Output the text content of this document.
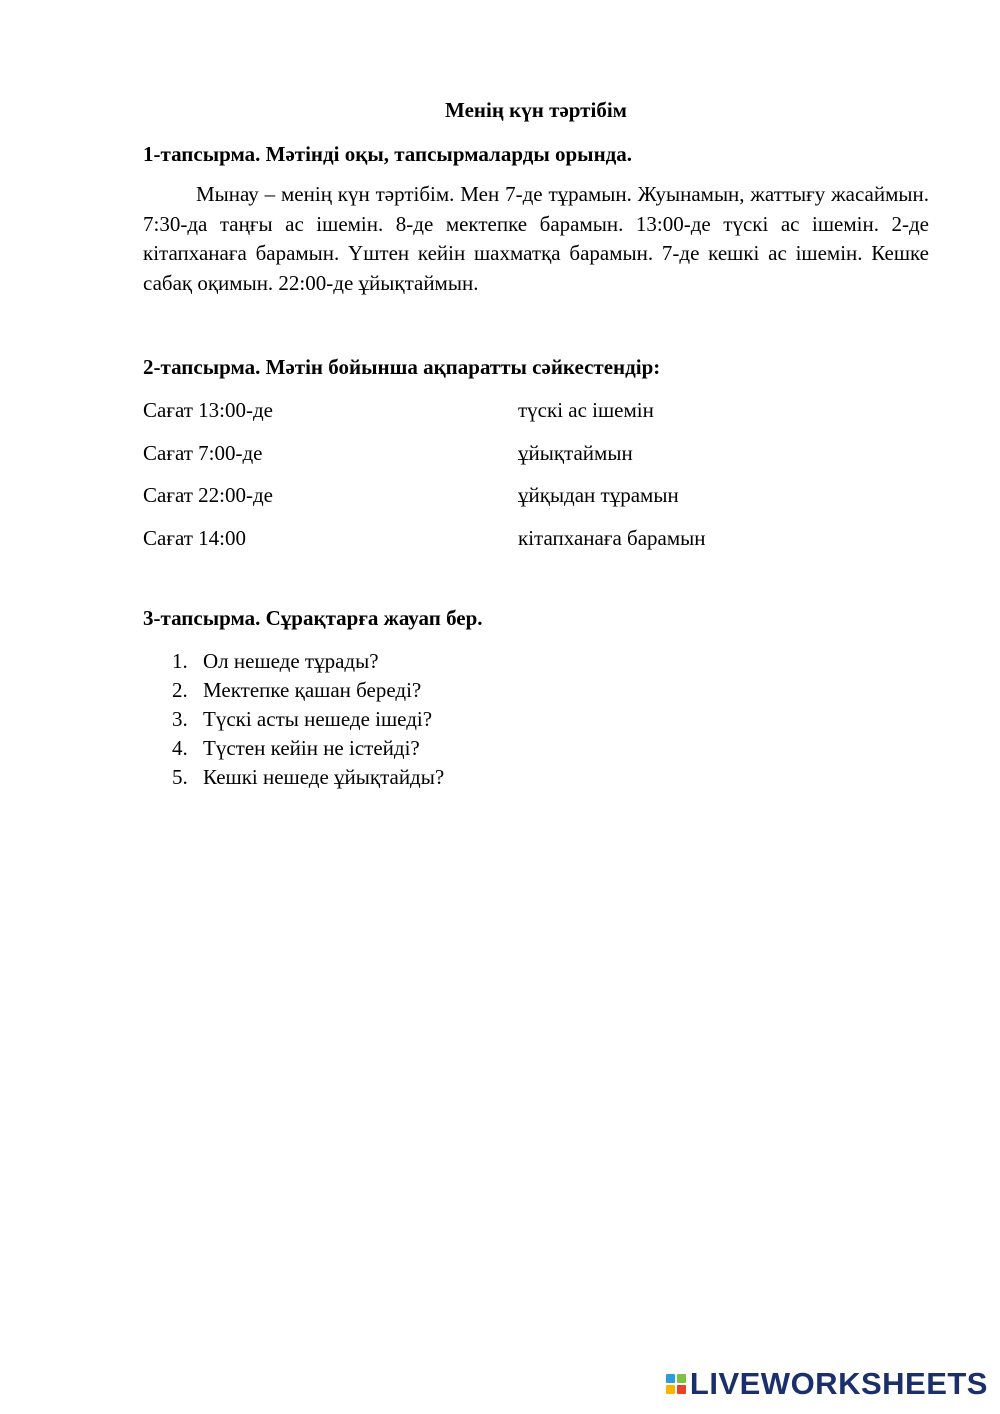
Менің күн тәртібім
1-тапсырма. Мәтінді оқы, тапсырмаларды орында.

Мынау – менің күн тәртібім. Мен 7-де тұрамын. Жуынамын, жаттығу жасаймын. 7:30-да таңғы ас ішемін. 8-де мектепке барамын. 13:00-де түскі ас ішемін. 2-де кітапханаға барамын. Үштен кейін шахматқа барамын. 7-де кешкі ас ішемін. Кешке сабақ оқимын. 22:00-де ұйықтаймын.

2-тапсырма. Мәтін бойынша ақпаратты сәйкестендір:
Сағат 13:00-де	түскі ас ішемін
Сағат 7:00-де	ұйықтаймын
Сағат 22:00-де	ұйқыдан тұрамын
Сағат 14:00	кітапханаға барамын
3-тапсырма. Сұрақтарға жауап бер.
1. Ол нешеде тұрады?
2. Мектепке қашан береді?
3. Түскі асты нешеде ішеді?
4. Түстен кейін не істейді?
5. Кешкі нешеде ұйықтайды?
LIVEWORKSHEETS
